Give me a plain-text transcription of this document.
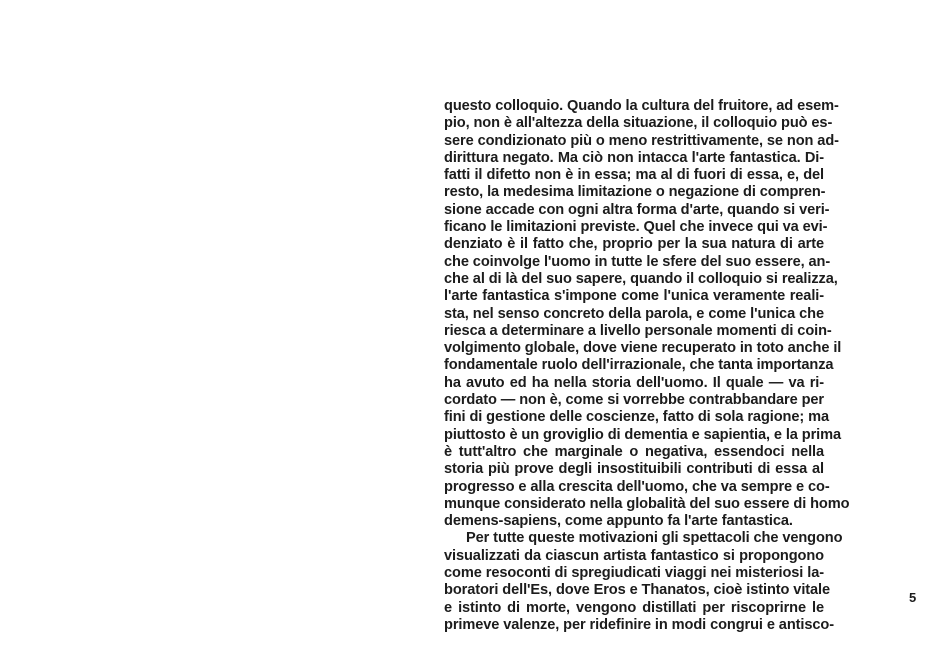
questo colloquio. Quando la cultura del fruitore, ad esem-
pio, non è all'altezza della situazione, il colloquio può es-
sere condizionato più o meno restrittivamente, se non ad-
dirittura negato. Ma ciò non intacca l'arte fantastica. Di-
fatti il difetto non è in essa; ma al di fuori di essa, e, del
resto, la medesima limitazione o negazione di compren-
sione accade con ogni altra forma d'arte, quando si veri-
ficano le limitazioni previste. Quel che invece qui va evi-
denziato è il fatto che, proprio per la sua natura di arte
che coinvolge l'uomo in tutte le sfere del suo essere, an-
che al di là del suo sapere, quando il colloquio si realizza,
l'arte fantastica s'impone come l'unica veramente reali-
sta, nel senso concreto della parola, e come l'unica che
riesca a determinare a livello personale momenti di coin-
volgimento globale, dove viene recuperato in toto anche il
fondamentale ruolo dell'irrazionale, che tanta importanza
ha avuto ed ha nella storia dell'uomo. Il quale — va ri-
cordato — non è, come si vorrebbe contrabbandare per
fini di gestione delle coscienze, fatto di sola ragione; ma
piuttosto è un groviglio di dementia e sapientia, e la prima
è tutt'altro che marginale o negativa, essendoci nella
storia più prove degli insostituibili contributi di essa al
progresso e alla crescita dell'uomo, che va sempre e co-
munque considerato nella globalità del suo essere di homo
demens-sapiens, come appunto fa l'arte fantastica.
Per tutte queste motivazioni gli spettacoli che vengono
visualizzati da ciascun artista fantastico si propongono
come resoconti di spregiudicati viaggi nei misteriosi la-
boratori dell'Es, dove Eros e Thanatos, cioè istinto vitale
e istinto di morte, vengono distillati per riscoprirne le
primeve valenze, per ridefinire in modi congrui e antisco-
5
